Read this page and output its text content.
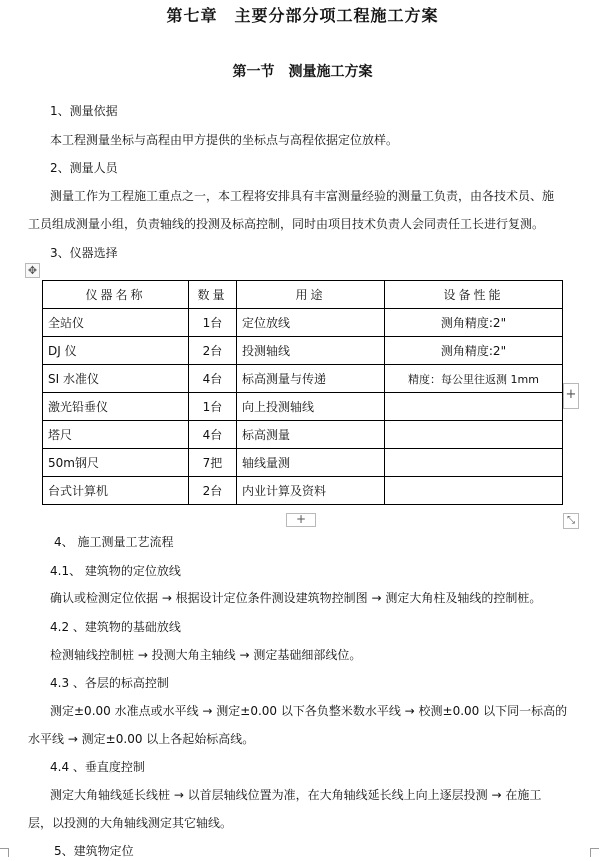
第七章　主要分部分项工程施工方案
第一节　测量施工方案
1、测量依据
本工程测量坐标与高程由甲方提供的坐标点与高程依据定位放样。
2、测量人员
测量工作为工程施工重点之一，本工程将安排具有丰富测量经验的测量工负责，由各技术员、施
工员组成测量小组，负责轴线的投测及标高控制，同时由项目技术负责人会同责任工长进行复测。
3、仪器选择
✥
仪器名称	数量	用途	设备性能
全站仪	1台	定位放线	测角精度:2"
DJ 仪	2台	投测轴线	测角精度:2"
SI 水准仪	4台	标高测量与传递	精度：每公里往返测 1mm
激光铅垂仪	1台	向上投测轴线	
塔尺	4台	标高测量	
50m钢尺	7把	轴线量测	
台式计算机	2台	内业计算及资料	
+
+	⤡
4、 施工测量工艺流程
4.1、 建筑物的定位放线
确认或检测定位依据 → 根据设计定位条件测设建筑物控制图 → 测定大角柱及轴线的控制桩。
4.2 、建筑物的基础放线
检测轴线控制桩 → 投测大角主轴线 → 测定基础细部线位。
4.3 、各层的标高控制
测定±0.00 水准点或水平线 → 测定±0.00 以下各负整米数水平线 → 校测±0.00 以下同一标高的
水平线 → 测定±0.00 以上各起始标高线。
4.4 、垂直度控制
测定大角轴线延长线桩 → 以首层轴线位置为准，在大角轴线延长线上向上逐层投测 → 在施工
层，以投测的大角轴线测定其它轴线。
5、建筑物定位
